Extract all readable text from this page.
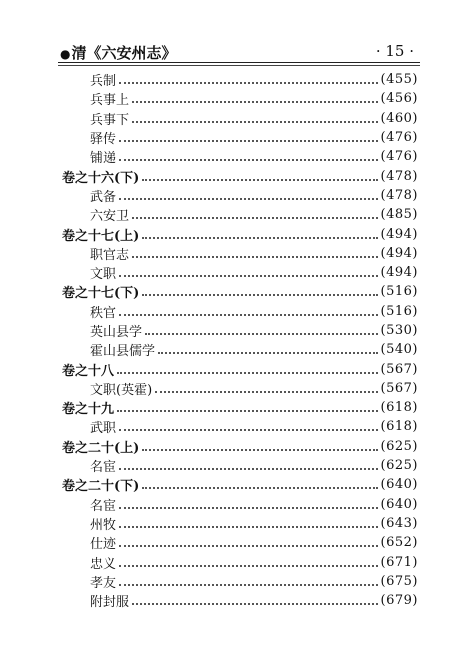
●清《六安州志》	· 15 ·
兵制	(455)
兵事上	(456)
兵事下	(460)
驿传	(476)
铺递	(476)
卷之十六(下)	(478)
武备	(478)
六安卫	(485)
卷之十七(上)	(494)
职官志	(494)
文职	(494)
卷之十七(下)	(516)
秩官	(516)
英山县学	(530)
霍山县儒学	(540)
卷之十八	(567)
文职(英霍)	(567)
卷之十九	(618)
武职	(618)
卷之二十(上)	(625)
名宦	(625)
卷之二十(下)	(640)
名宦	(640)
州牧	(643)
仕迹	(652)
忠义	(671)
孝友	(675)
附封服	(679)
